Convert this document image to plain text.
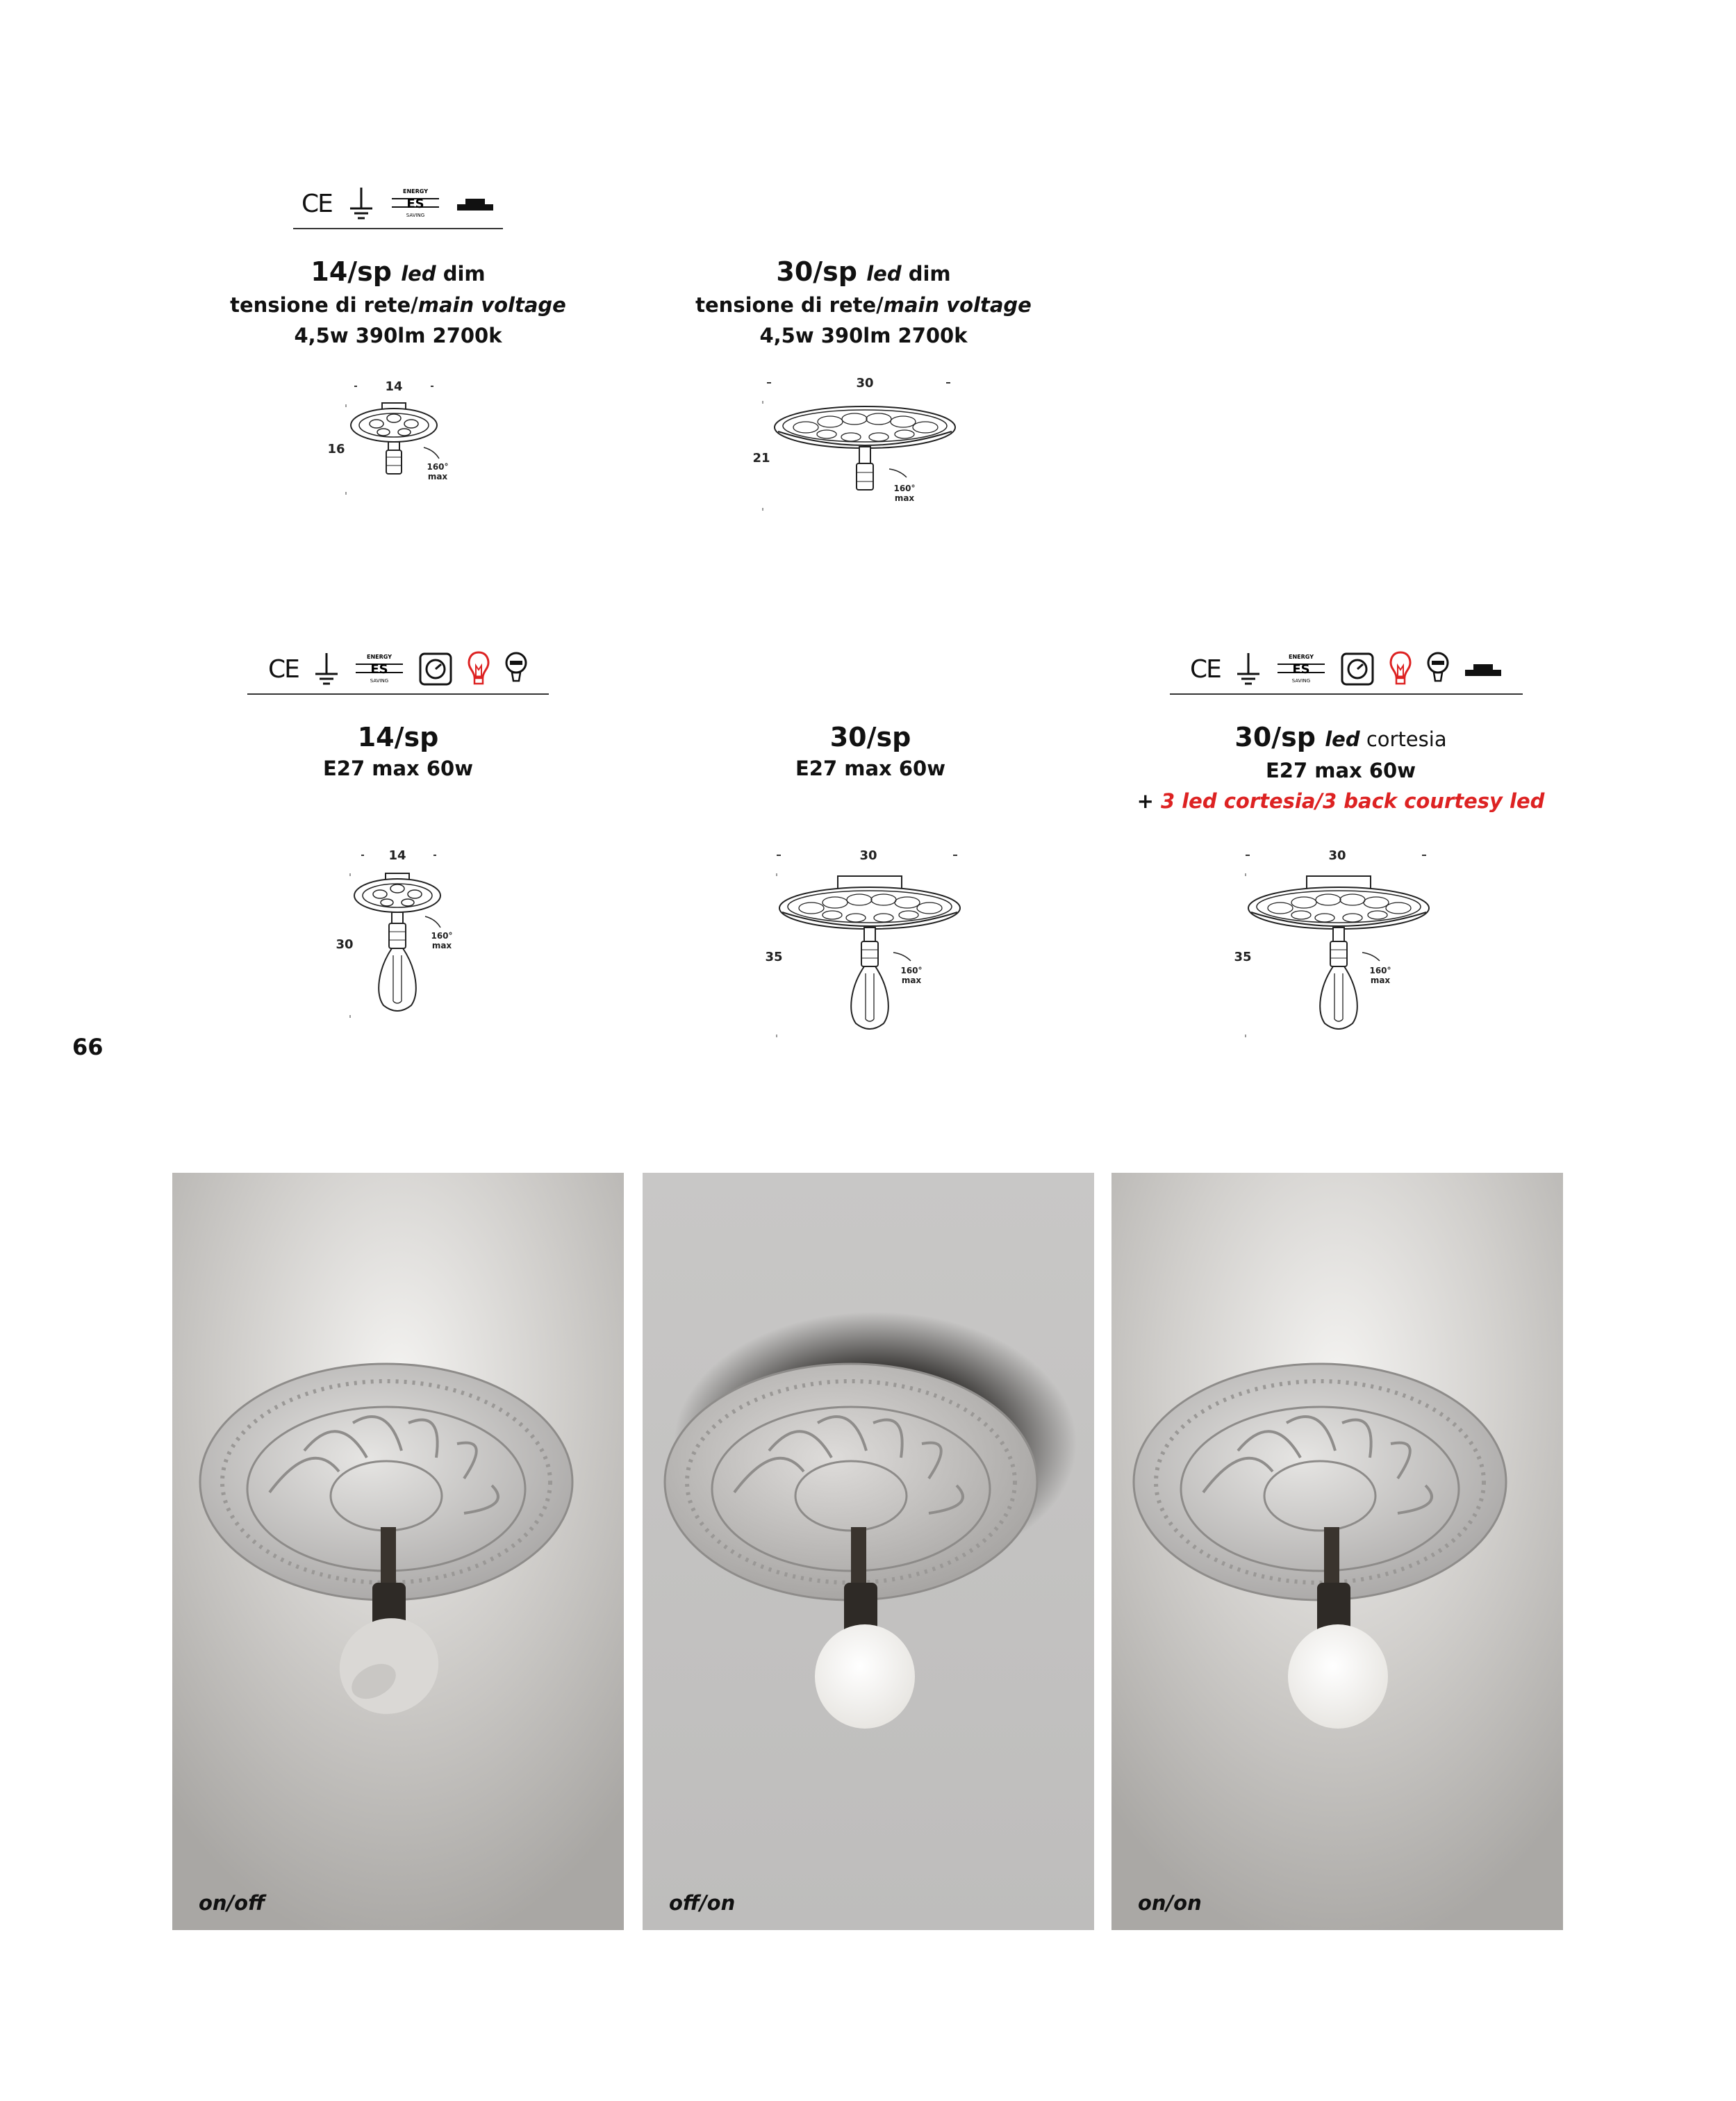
CE	ENERGY
ES
SAVING
14/sp led dim
tensione di rete/main voltage
4,5w 390lm 2700k
30/sp led dim
tensione di rete/main voltage
4,5w 390lm 2700k
14
16
160°
max
30
21
160°
max
CE	ENERGY
ES
SAVING	CE	ENERGY
ES
SAVING
14/sp
E27 max 60w
30/sp
E27 max 60w
30/sp led cortesia
E27 max 60w
+ 3 led cortesia/3 back courtesy led
14
30
160°
max
30
35
160°
max
30
35
160°
max
66
on/off	off/on	on/on
